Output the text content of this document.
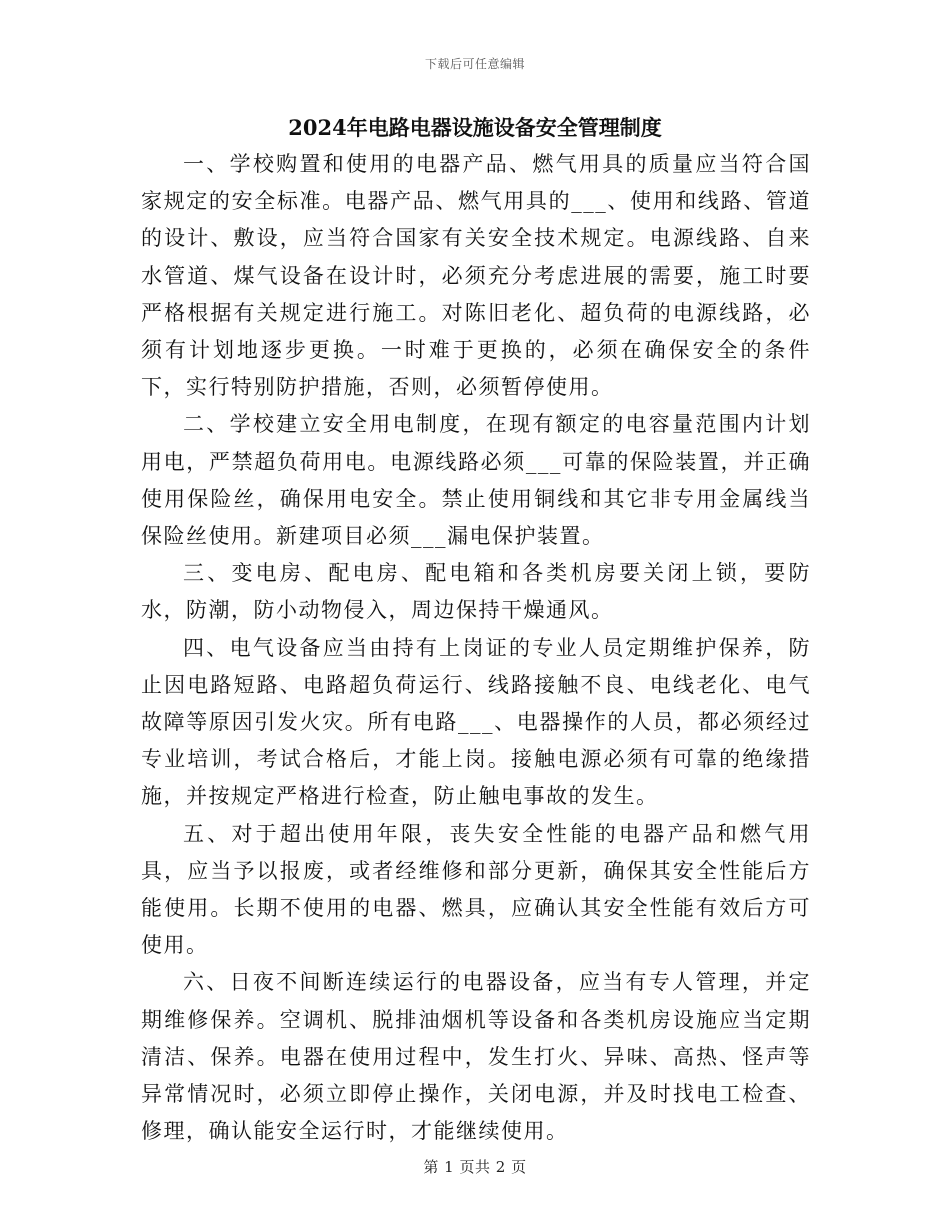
下载后可任意编辑
2024年电路电器设施设备安全管理制度

一、学校购置和使用的电器产品、燃气用具的质量应当符合国家规定的安全标准。电器产品、燃气用具的___、使用和线路、管道的设计、敷设，应当符合国家有关安全技术规定。电源线路、自来水管道、煤气设备在设计时，必须充分考虑进展的需要，施工时要严格根据有关规定进行施工。对陈旧老化、超负荷的电源线路，必须有计划地逐步更换。一时难于更换的，必须在确保安全的条件下，实行特别防护措施，否则，必须暂停使用。

二、学校建立安全用电制度，在现有额定的电容量范围内计划用电，严禁超负荷用电。电源线路必须___可靠的保险装置，并正确使用保险丝，确保用电安全。禁止使用铜线和其它非专用金属线当保险丝使用。新建项目必须___漏电保护装置。

三、变电房、配电房、配电箱和各类机房要关闭上锁，要防水，防潮，防小动物侵入，周边保持干燥通风。

四、电气设备应当由持有上岗证的专业人员定期维护保养，防止因电路短路、电路超负荷运行、线路接触不良、电线老化、电气故障等原因引发火灾。所有电路___、电器操作的人员，都必须经过专业培训，考试合格后，才能上岗。接触电源必须有可靠的绝缘措施，并按规定严格进行检查，防止触电事故的发生。

五、对于超出使用年限，丧失安全性能的电器产品和燃气用具，应当予以报废，或者经维修和部分更新，确保其安全性能后方能使用。长期不使用的电器、燃具，应确认其安全性能有效后方可使用。

六、日夜不间断连续运行的电器设备，应当有专人管理，并定期维修保养。空调机、脱排油烟机等设备和各类机房设施应当定期清洁、保养。电器在使用过程中，发生打火、异味、高热、怪声等异常情况时，必须立即停止操作，关闭电源，并及时找电工检查、修理，确认能安全运行时，才能继续使用。

第 1 页共 2 页
